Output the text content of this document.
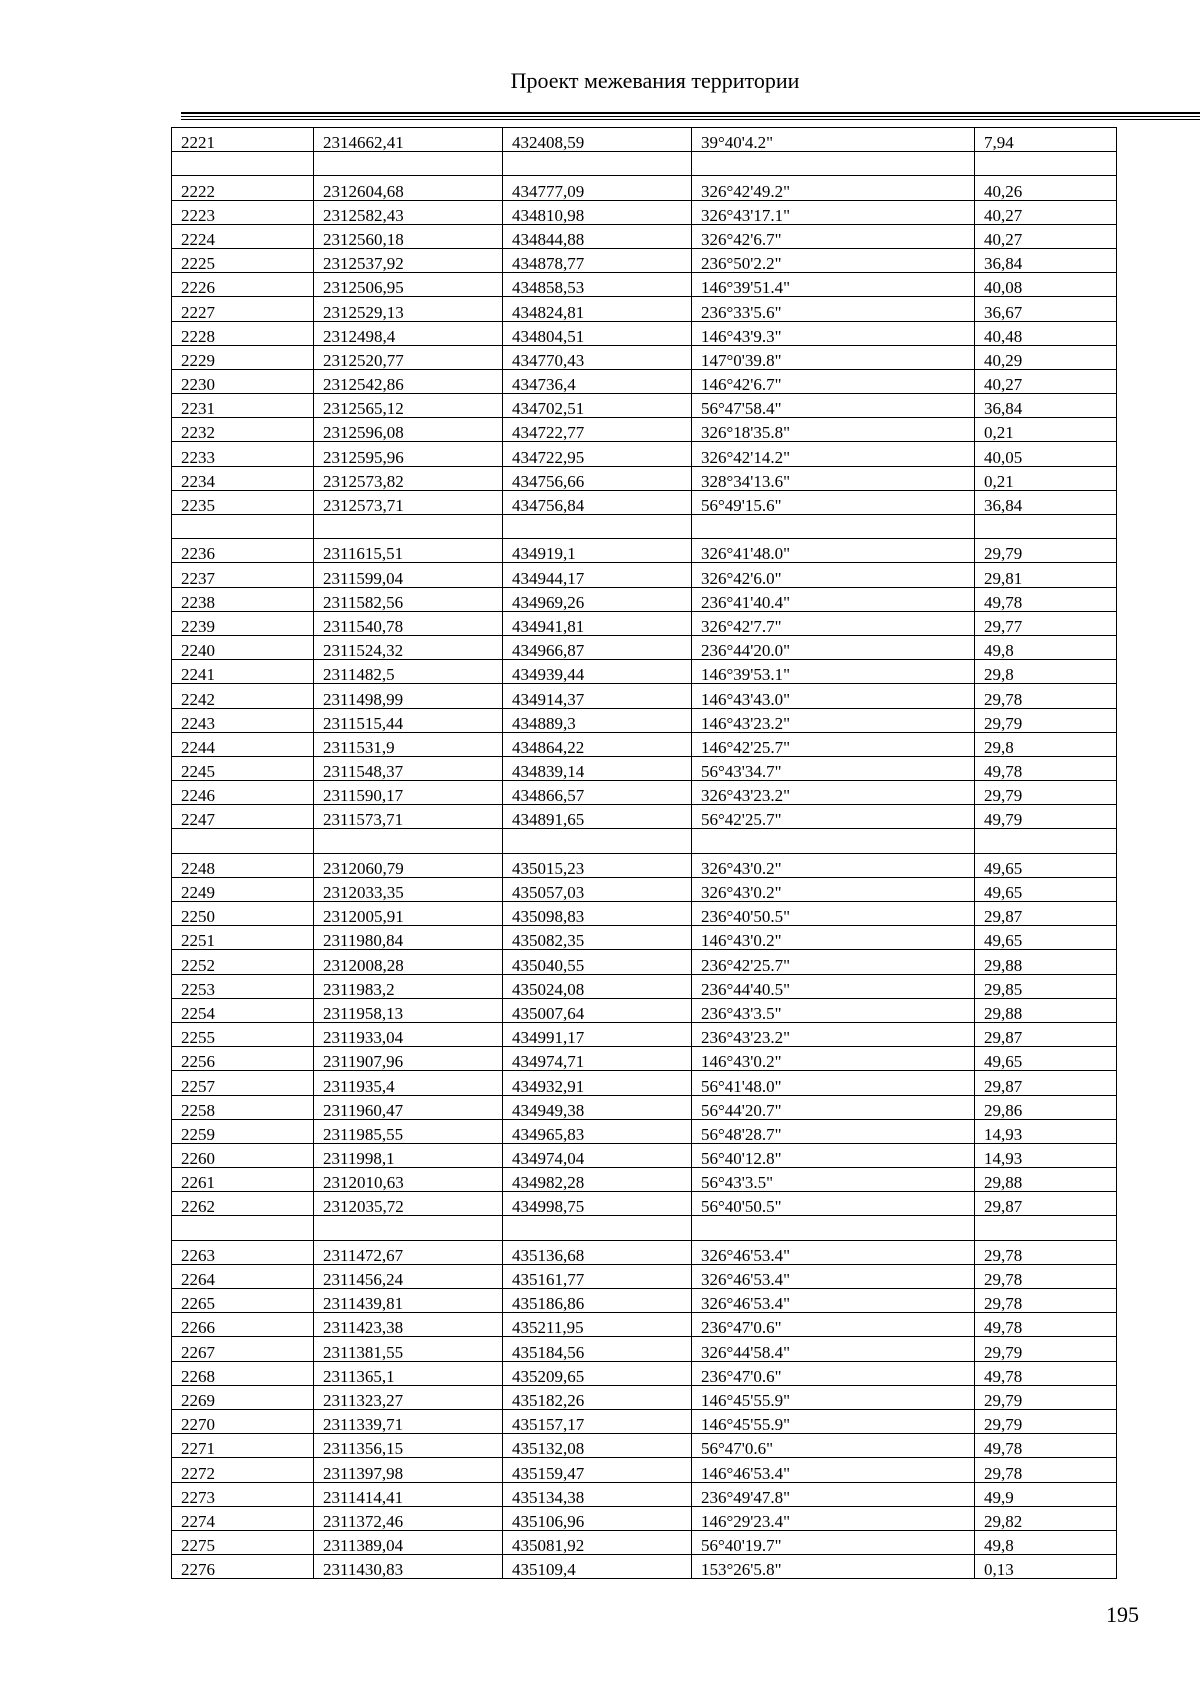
Проект межевания территории
2221	2314662,41	432408,59	39°40'4.2"	7,94

2222	2312604,68	434777,09	326°42'49.2"	40,26
2223	2312582,43	434810,98	326°43'17.1"	40,27
2224	2312560,18	434844,88	326°42'6.7"	40,27
2225	2312537,92	434878,77	236°50'2.2"	36,84
2226	2312506,95	434858,53	146°39'51.4"	40,08
2227	2312529,13	434824,81	236°33'5.6"	36,67
2228	2312498,4	434804,51	146°43'9.3"	40,48
2229	2312520,77	434770,43	147°0'39.8"	40,29
2230	2312542,86	434736,4	146°42'6.7"	40,27
2231	2312565,12	434702,51	56°47'58.4"	36,84
2232	2312596,08	434722,77	326°18'35.8"	0,21
2233	2312595,96	434722,95	326°42'14.2"	40,05
2234	2312573,82	434756,66	328°34'13.6"	0,21
2235	2312573,71	434756,84	56°49'15.6"	36,84

2236	2311615,51	434919,1	326°41'48.0"	29,79
2237	2311599,04	434944,17	326°42'6.0"	29,81
2238	2311582,56	434969,26	236°41'40.4"	49,78
2239	2311540,78	434941,81	326°42'7.7"	29,77
2240	2311524,32	434966,87	236°44'20.0"	49,8
2241	2311482,5	434939,44	146°39'53.1"	29,8
2242	2311498,99	434914,37	146°43'43.0"	29,78
2243	2311515,44	434889,3	146°43'23.2"	29,79
2244	2311531,9	434864,22	146°42'25.7"	29,8
2245	2311548,37	434839,14	56°43'34.7"	49,78
2246	2311590,17	434866,57	326°43'23.2"	29,79
2247	2311573,71	434891,65	56°42'25.7"	49,79

2248	2312060,79	435015,23	326°43'0.2"	49,65
2249	2312033,35	435057,03	326°43'0.2"	49,65
2250	2312005,91	435098,83	236°40'50.5"	29,87
2251	2311980,84	435082,35	146°43'0.2"	49,65
2252	2312008,28	435040,55	236°42'25.7"	29,88
2253	2311983,2	435024,08	236°44'40.5"	29,85
2254	2311958,13	435007,64	236°43'3.5"	29,88
2255	2311933,04	434991,17	236°43'23.2"	29,87
2256	2311907,96	434974,71	146°43'0.2"	49,65
2257	2311935,4	434932,91	56°41'48.0"	29,87
2258	2311960,47	434949,38	56°44'20.7"	29,86
2259	2311985,55	434965,83	56°48'28.7"	14,93
2260	2311998,1	434974,04	56°40'12.8"	14,93
2261	2312010,63	434982,28	56°43'3.5"	29,88
2262	2312035,72	434998,75	56°40'50.5"	29,87

2263	2311472,67	435136,68	326°46'53.4"	29,78
2264	2311456,24	435161,77	326°46'53.4"	29,78
2265	2311439,81	435186,86	326°46'53.4"	29,78
2266	2311423,38	435211,95	236°47'0.6"	49,78
2267	2311381,55	435184,56	326°44'58.4"	29,79
2268	2311365,1	435209,65	236°47'0.6"	49,78
2269	2311323,27	435182,26	146°45'55.9"	29,79
2270	2311339,71	435157,17	146°45'55.9"	29,79
2271	2311356,15	435132,08	56°47'0.6"	49,78
2272	2311397,98	435159,47	146°46'53.4"	29,78
2273	2311414,41	435134,38	236°49'47.8"	49,9
2274	2311372,46	435106,96	146°29'23.4"	29,82
2275	2311389,04	435081,92	56°40'19.7"	49,8
2276	2311430,83	435109,4	153°26'5.8"	0,13
195
